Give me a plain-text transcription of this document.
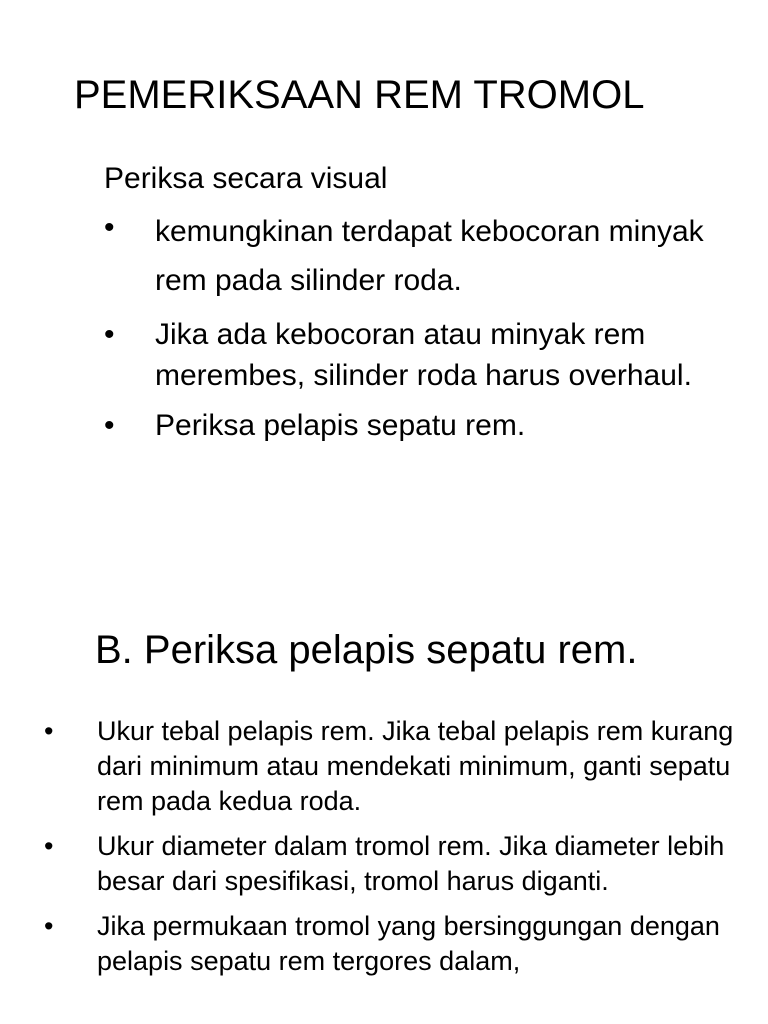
PEMERIKSAAN REM TROMOL

Periksa secara visual

•	kemungkinan terdapat kebocoran minyak rem pada silinder roda.
•	Jika ada kebocoran atau minyak rem merembes, silinder roda harus overhaul.
•	Periksa pelapis sepatu rem.
B. Periksa pelapis sepatu rem.
•	Ukur tebal pelapis rem. Jika tebal pelapis rem kurang dari minimum atau mendekati minimum, ganti sepatu rem pada kedua roda.
•	Ukur diameter dalam tromol rem. Jika diameter lebih besar dari spesifikasi, tromol harus diganti.
•	Jika permukaan tromol yang bersinggungan dengan pelapis sepatu rem tergores dalam,
